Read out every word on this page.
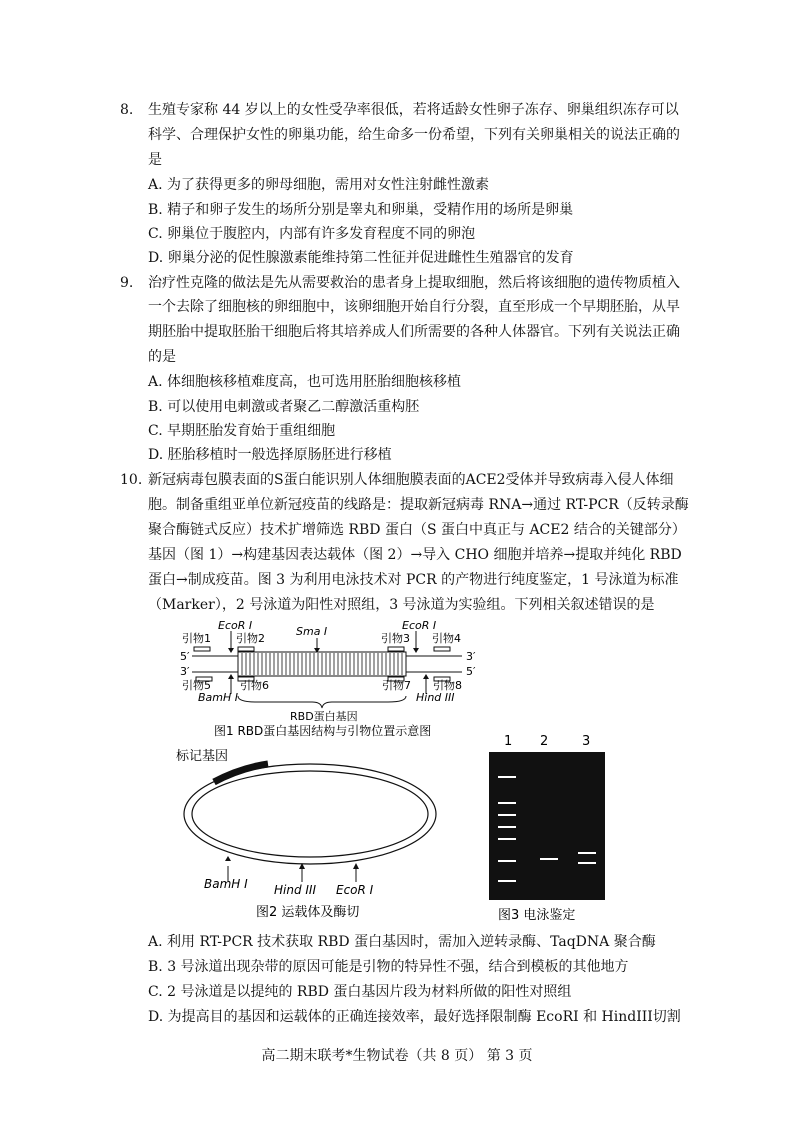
8. 生殖专家称 44 岁以上的女性受孕率很低，若将适龄女性卵子冻存、卵巢组织冻存可以
科学、合理保护女性的卵巢功能，给生命多一份希望，下列有关卵巢相关的说法正确的
是
A. 为了获得更多的卵母细胞，需用对女性注射雌性激素
B. 精子和卵子发生的场所分别是睾丸和卵巢，受精作用的场所是卵巢
C. 卵巢位于腹腔内，内部有许多发育程度不同的卵泡
D. 卵巢分泌的促性腺激素能维持第二性征并促进雌性生殖器官的发育
9. 治疗性克隆的做法是先从需要救治的患者身上提取细胞，然后将该细胞的遗传物质植入
一个去除了细胞核的卵细胞中，该卵细胞开始自行分裂，直至形成一个早期胚胎，从早
期胚胎中提取胚胎干细胞后将其培养成人们所需要的各种人体器官。下列有关说法正确
的是
A. 体细胞核移植难度高，也可选用胚胎细胞核移植
B. 可以使用电刺激或者聚乙二醇激活重构胚
C. 早期胚胎发育始于重组细胞
D. 胚胎移植时一般选择原肠胚进行移植
10. 新冠病毒包膜表面的S蛋白能识别人体细胞膜表面的ACE2受体并导致病毒入侵人体细
胞。制备重组亚单位新冠疫苗的线路是：提取新冠病毒 RNA→通过 RT-PCR（反转录酶
聚合酶链式反应）技术扩增筛选 RBD 蛋白（S 蛋白中真正与 ACE2 结合的关键部分）
基因（图 1）→构建基因表达载体（图 2）→导入 CHO 细胞并培养→提取并纯化 RBD
蛋白→制成疫苗。图 3 为利用电泳技术对 PCR 的产物进行纯度鉴定，1 号泳道为标准
（Marker），2 号泳道为阳性对照组，3 号泳道为实验组。下列相关叙述错误的是
EcoR I	Sma I	EcoR I
引物1 引物2	引物3 引物4
5′
3′
3′
5′
引物5	引物6	引物7 引物8
BamH I	Hind III
RBD蛋白基因
图1 RBD蛋白基因结构与引物位置示意图
标记基因
BamH I Hind III EcoR I
图2 运载体及酶切
1 2	3
图3 电泳鉴定
A. 利用 RT-PCR 技术获取 RBD 蛋白基因时，需加入逆转录酶、TaqDNA 聚合酶
B. 3 号泳道出现杂带的原因可能是引物的特异性不强，结合到模板的其他地方
C. 2 号泳道是以提纯的 RBD 蛋白基因片段为材料所做的阳性对照组
D. 为提高目的基因和运载体的正确连接效率，最好选择限制酶 EcoRI 和 HindIII切割
高二期末联考*生物试卷（共 8 页） 第 3 页
